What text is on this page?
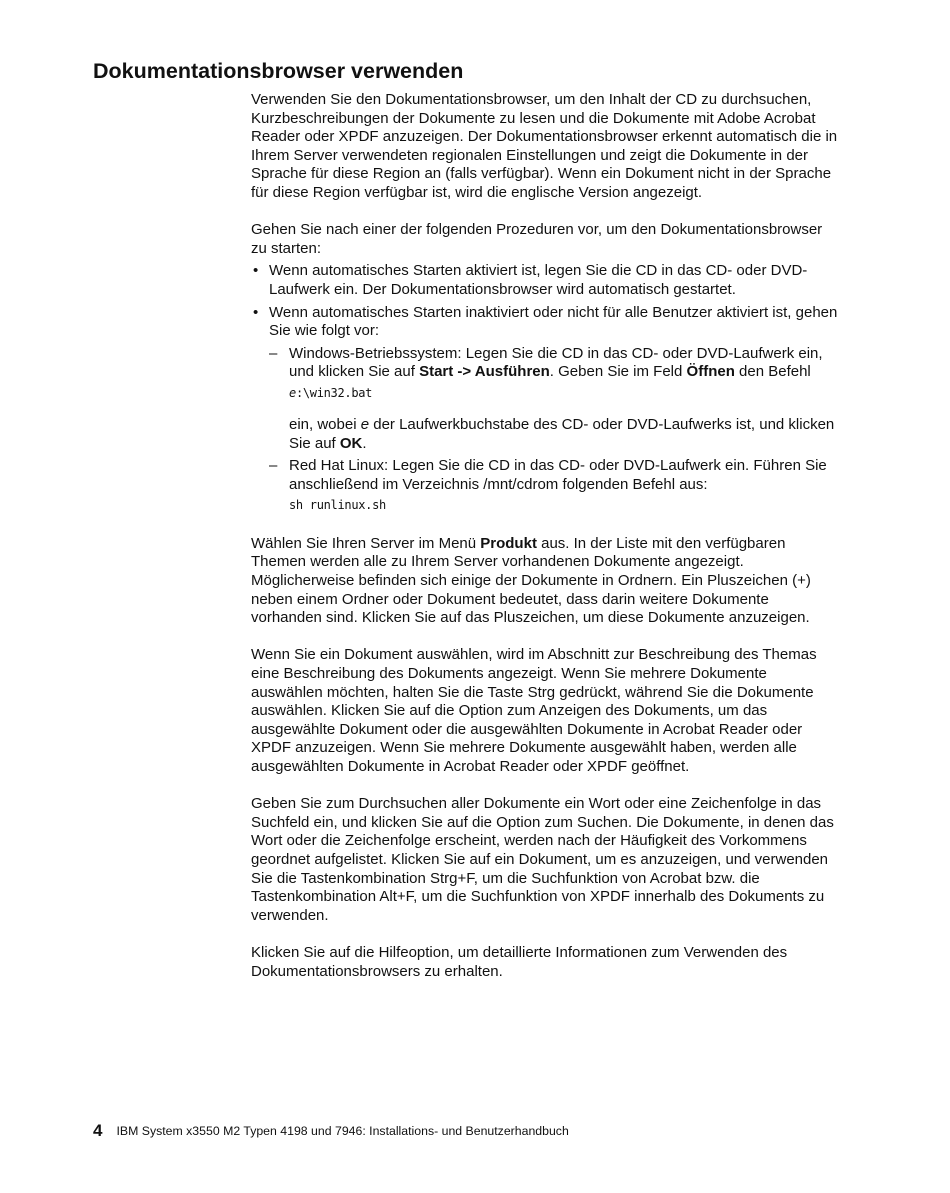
Dokumentationsbrowser verwenden

Verwenden Sie den Dokumentationsbrowser, um den Inhalt der CD zu durchsuchen, Kurzbeschreibungen der Dokumente zu lesen und die Dokumente mit Adobe Acrobat Reader oder XPDF anzuzeigen. Der Dokumentationsbrowser erkennt automatisch die in Ihrem Server verwendeten regionalen Einstellungen und zeigt die Dokumente in der Sprache für diese Region an (falls verfügbar). Wenn ein Dokument nicht in der Sprache für diese Region verfügbar ist, wird die englische Version angezeigt.

Gehen Sie nach einer der folgenden Prozeduren vor, um den Dokumentationsbrowser zu starten:

• Wenn automatisches Starten aktiviert ist, legen Sie die CD in das CD- oder DVD-Laufwerk ein. Der Dokumentationsbrowser wird automatisch gestartet.
• Wenn automatisches Starten inaktiviert oder nicht für alle Benutzer aktiviert ist, gehen Sie wie folgt vor:
– Windows-Betriebssystem: Legen Sie die CD in das CD- oder DVD-Laufwerk ein, und klicken Sie auf Start -> Ausführen. Geben Sie im Feld Öffnen den Befehl

e:\win32.bat

ein, wobei e der Laufwerkbuchstabe des CD- oder DVD-Laufwerks ist, und klicken Sie auf OK.

– Red Hat Linux: Legen Sie die CD in das CD- oder DVD-Laufwerk ein. Führen Sie anschließend im Verzeichnis /mnt/cdrom folgenden Befehl aus:

sh runlinux.sh

Wählen Sie Ihren Server im Menü Produkt aus. In der Liste mit den verfügbaren Themen werden alle zu Ihrem Server vorhandenen Dokumente angezeigt. Möglicherweise befinden sich einige der Dokumente in Ordnern. Ein Pluszeichen (+) neben einem Ordner oder Dokument bedeutet, dass darin weitere Dokumente vorhanden sind. Klicken Sie auf das Pluszeichen, um diese Dokumente anzuzeigen.

Wenn Sie ein Dokument auswählen, wird im Abschnitt zur Beschreibung des Themas eine Beschreibung des Dokuments angezeigt. Wenn Sie mehrere Dokumente auswählen möchten, halten Sie die Taste Strg gedrückt, während Sie die Dokumente auswählen. Klicken Sie auf die Option zum Anzeigen des Dokuments, um das ausgewählte Dokument oder die ausgewählten Dokumente in Acrobat Reader oder XPDF anzuzeigen. Wenn Sie mehrere Dokumente ausgewählt haben, werden alle ausgewählten Dokumente in Acrobat Reader oder XPDF geöffnet.

Geben Sie zum Durchsuchen aller Dokumente ein Wort oder eine Zeichenfolge in das Suchfeld ein, und klicken Sie auf die Option zum Suchen. Die Dokumente, in denen das Wort oder die Zeichenfolge erscheint, werden nach der Häufigkeit des Vorkommens geordnet aufgelistet. Klicken Sie auf ein Dokument, um es anzuzeigen, und verwenden Sie die Tastenkombination Strg+F, um die Suchfunktion von Acrobat bzw. die Tastenkombination Alt+F, um die Suchfunktion von XPDF innerhalb des Dokuments zu verwenden.

Klicken Sie auf die Hilfeoption, um detaillierte Informationen zum Verwenden des Dokumentationsbrowsers zu erhalten.

4 IBM System x3550 M2 Typen 4198 und 7946: Installations- und Benutzerhandbuch
